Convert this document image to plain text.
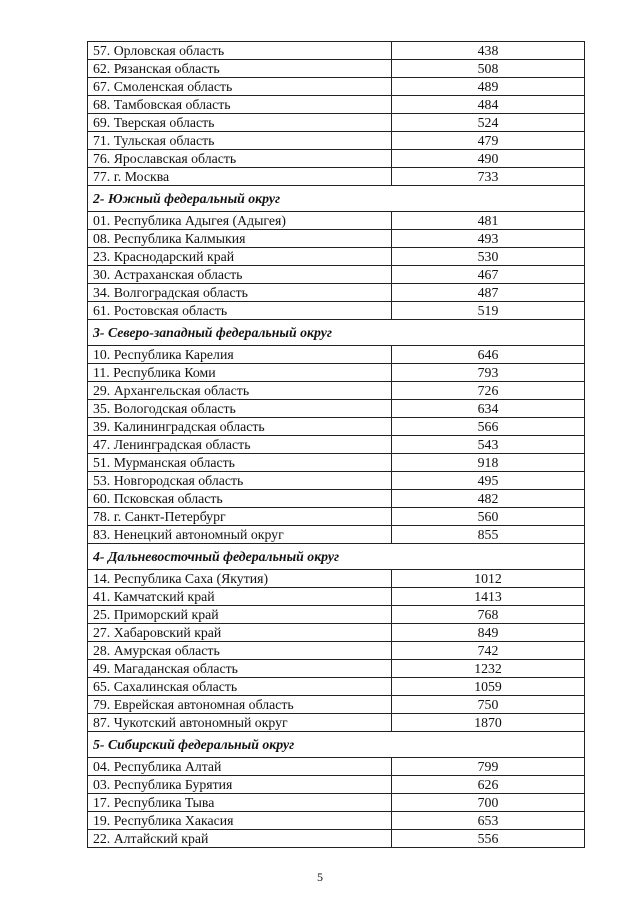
57. Орловская область	438
62. Рязанская область	508
67. Смоленская область	489
68. Тамбовская область	484
69. Тверская область	524
71. Тульская область	479
76. Ярославская область	490
77. г. Москва	733
2- Южный федеральный округ	
01. Республика Адыгея (Адыгея)	481
08. Республика Калмыкия	493
23. Краснодарский край	530
30. Астраханская область	467
34. Волгоградская область	487
61. Ростовская область	519
3- Северо-западный федеральный округ	
10. Республика Карелия	646
11. Республика Коми	793
29. Архангельская область	726
35. Вологодская область	634
39. Калининградская область	566
47. Ленинградская область	543
51. Мурманская область	918
53. Новгородская область	495
60. Псковская область	482
78. г. Санкт-Петербург	560
83. Ненецкий автономный округ	855
4- Дальневосточный федеральный округ	
14. Республика Саха (Якутия)	1012
41. Камчатский край	1413
25. Приморский край	768
27. Хабаровский край	849
28. Амурская область	742
49. Магаданская область	1232
65. Сахалинская область	1059
79. Еврейская автономная область	750
87. Чукотский автономный округ	1870
5- Сибирский федеральный округ	
04. Республика Алтай	799
03. Республика Бурятия	626
17. Республика Тыва	700
19. Республика Хакасия	653
22. Алтайский край	556
5
